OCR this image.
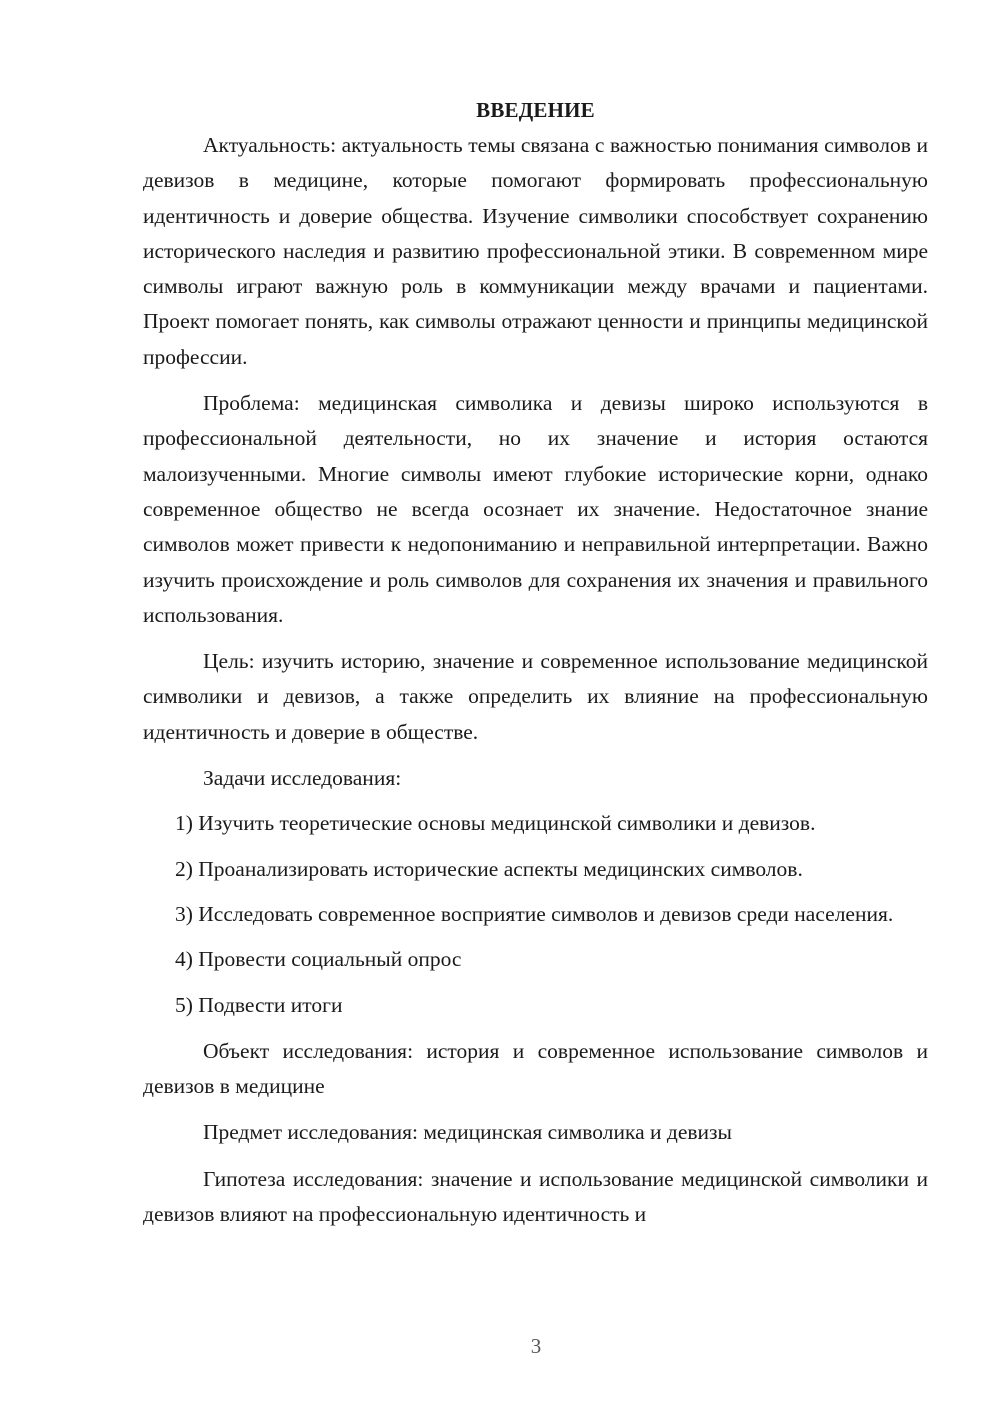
ВВЕДЕНИЕ

Актуальность: актуальность темы связана с важностью понимания символов и девизов в медицине, которые помогают формировать профессиональную идентичность и доверие общества. Изучение символики способствует сохранению исторического наследия и развитию профессиональной этики. В современном мире символы играют важную роль в коммуникации между врачами и пациентами. Проект помогает понять, как символы отражают ценности и принципы медицинской профессии.

Проблема: медицинская символика и девизы широко используются в профессиональной деятельности, но их значение и история остаются малоизученными. Многие символы имеют глубокие исторические корни, однако современное общество не всегда осознает их значение. Недостаточное знание символов может привести к недопониманию и неправильной интерпретации. Важно изучить происхождение и роль символов для сохранения их значения и правильного использования.

Цель: изучить историю, значение и современное использование медицинской символики и девизов, а также определить их влияние на профессиональную идентичность и доверие в обществе.

Задачи исследования:

1) Изучить теоретические основы медицинской символики и девизов.

2) Проанализировать исторические аспекты медицинских символов.

3) Исследовать современное восприятие символов и девизов среди населения.

4) Провести социальный опрос

5) Подвести итоги

Объект исследования: история и современное использование символов и девизов в медицине

Предмет исследования: медицинская символика и девизы

Гипотеза исследования: значение и использование медицинской символики и девизов влияют на профессиональную идентичность и

3
